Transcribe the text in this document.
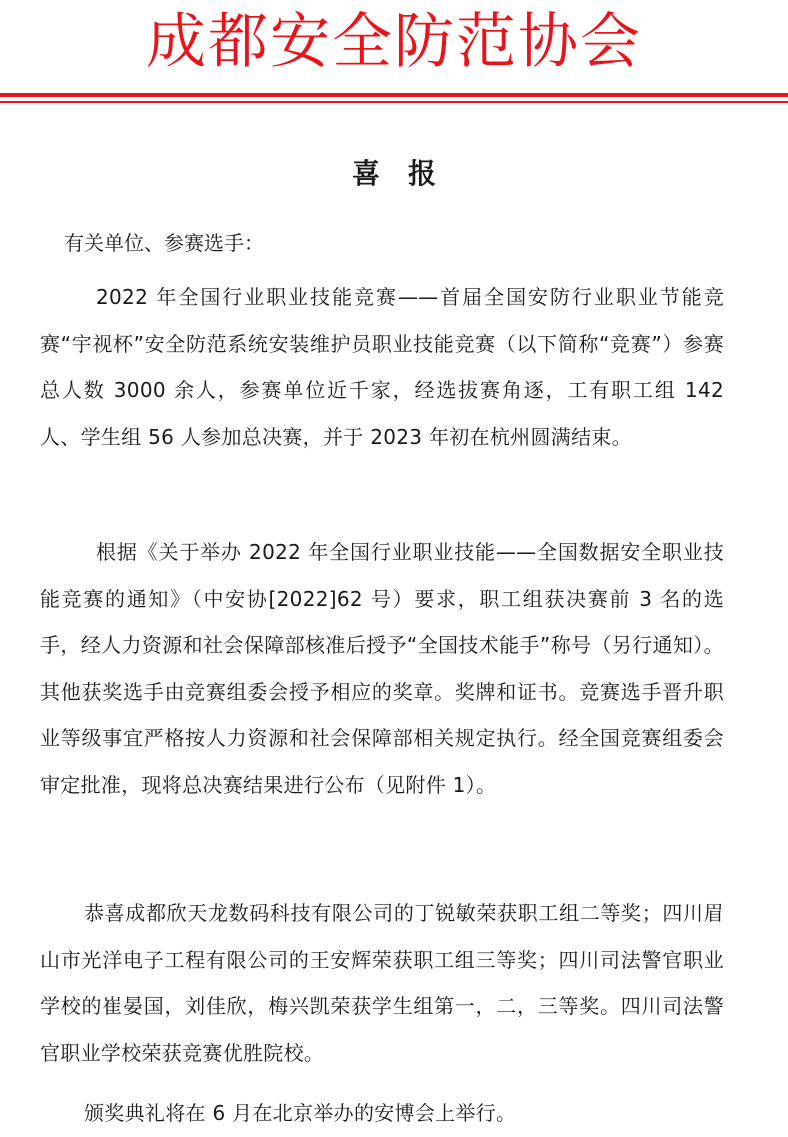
成都安全防范协会
喜 报
有关单位、参赛选手：

2022 年全国行业职业技能竞赛——首届全国安防行业职业节能竞赛“宇视杯”安全防范系统安装维护员职业技能竞赛（以下简称“竞赛”）参赛总人数 3000 余人，参赛单位近千家，经选拔赛角逐，工有职工组 142 人、学生组 56 人参加总决赛，并于 2023 年初在杭州圆满结束。

根据《关于举办 2022 年全国行业职业技能——全国数据安全职业技能竞赛的通知》（中安协[2022]62 号）要求，职工组获决赛前 3 名的选手，经人力资源和社会保障部核准后授予“全国技术能手”称号（另行通知）。其他获奖选手由竞赛组委会授予相应的奖章。奖牌和证书。竞赛选手晋升职业等级事宜严格按人力资源和社会保障部相关规定执行。经全国竞赛组委会审定批准，现将总决赛结果进行公布（见附件 1）。

恭喜成都欣天龙数码科技有限公司的丁锐敏荣获职工组二等奖；四川眉山市光洋电子工程有限公司的王安辉荣获职工组三等奖；四川司法警官职业学校的崔晏国，刘佳欣，梅兴凯荣获学生组第一，二，三等奖。四川司法警官职业学校荣获竞赛优胜院校。

颁奖典礼将在 6 月在北京举办的安博会上举行。
